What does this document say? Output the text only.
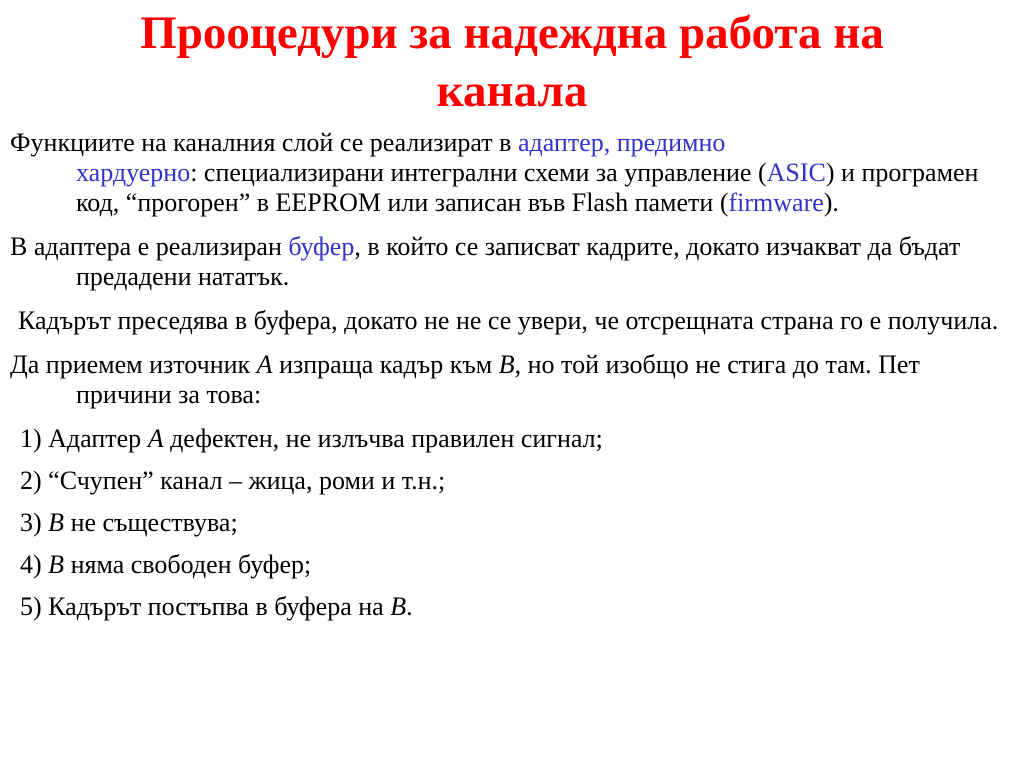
Прооцедури за надеждна работа на
канала
Функциите на каналния слой се реализират в адаптер, предимно
хардуерно: специализирани интегрални схеми за управление (ASIC) и програмен код, “прогорен” в EEPROM или записан във Flash памети (firmware).
В адаптера е реализиран буфер, в който се записват кадрите, докато изчакват да бъдат предадени нататък.
Кадърът преседява в буфера, докато не не се увери, че отсрещната страна го е получила.
Да приемем източник A изпраща кадър към B, но той изобщо не стига до там. Пет причини за това:
1) Адаптер A дефектен, не излъчва правилен сигнал;
2) “Счупен” канал – жица, роми и т.н.;
3) B не съществува;
4) B няма свободен буфер;
5) Кадърът постъпва в буфера на B.
